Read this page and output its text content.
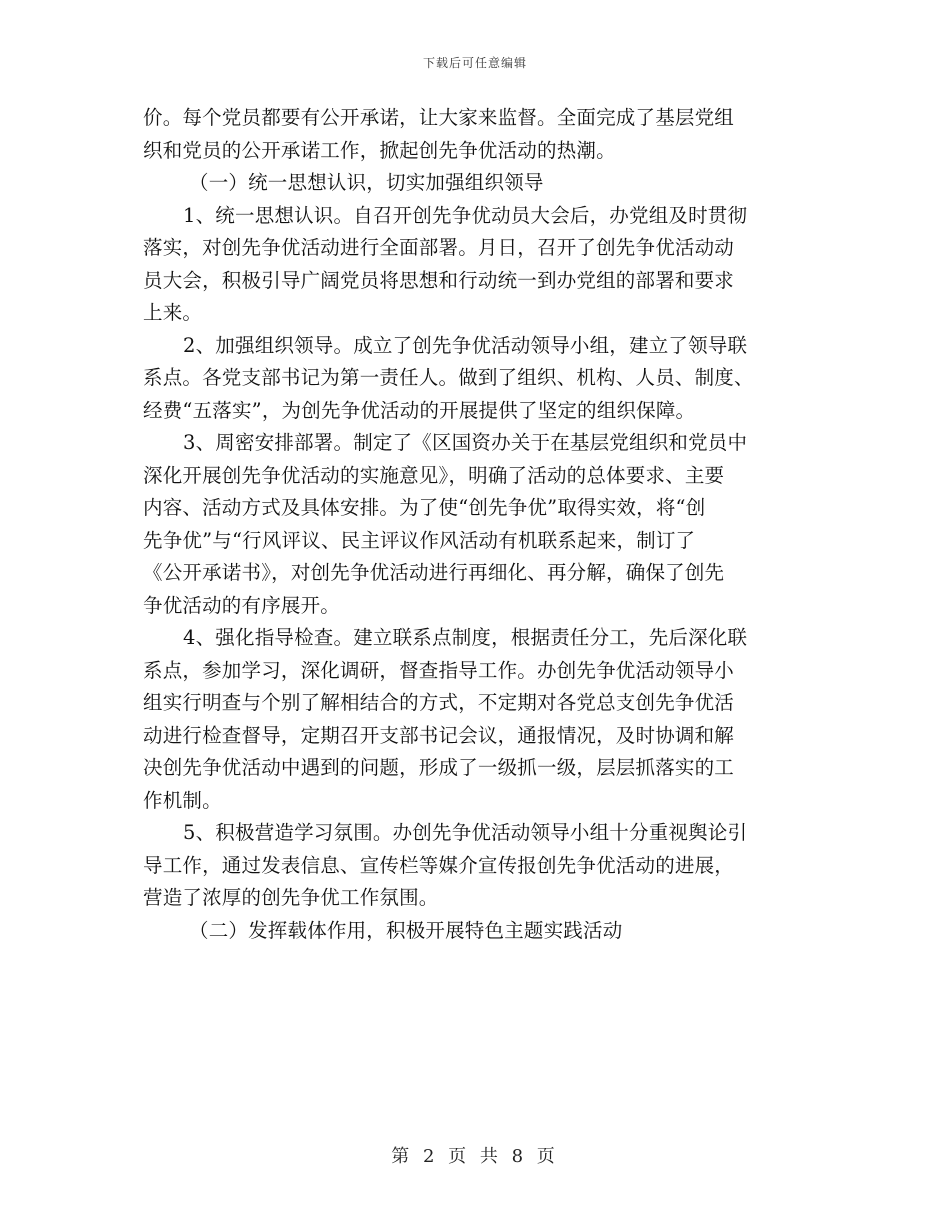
下载后可任意编辑
价。每个党员都要有公开承诺，让大家来监督。全面完成了基层党组
织和党员的公开承诺工作，掀起创先争优活动的热潮。
（一）统一思想认识，切实加强组织领导
1、统一思想认识。自召开创先争优动员大会后，办党组及时贯彻
落实，对创先争优活动进行全面部署。月日，召开了创先争优活动动
员大会，积极引导广阔党员将思想和行动统一到办党组的部署和要求
上来。
2、加强组织领导。成立了创先争优活动领导小组，建立了领导联
系点。各党支部书记为第一责任人。做到了组织、机构、人员、制度、
经费“五落实”，为创先争优活动的开展提供了坚定的组织保障。
3、周密安排部署。制定了《区国资办关于在基层党组织和党员中
深化开展创先争优活动的实施意见》，明确了活动的总体要求、主要
内容、活动方式及具体安排。为了使“创先争优”取得实效，将“创
先争优”与“行风评议、民主评议作风活动有机联系起来，制订了
《公开承诺书》，对创先争优活动进行再细化、再分解，确保了创先
争优活动的有序展开。
4、强化指导检查。建立联系点制度，根据责任分工，先后深化联
系点，参加学习，深化调研，督查指导工作。办创先争优活动领导小
组实行明查与个别了解相结合的方式，不定期对各党总支创先争优活
动进行检查督导，定期召开支部书记会议，通报情况，及时协调和解
决创先争优活动中遇到的问题，形成了一级抓一级，层层抓落实的工
作机制。
5、积极营造学习氛围。办创先争优活动领导小组十分重视舆论引
导工作，通过发表信息、宣传栏等媒介宣传报创先争优活动的进展，
营造了浓厚的创先争优工作氛围。
（二）发挥载体作用，积极开展特色主题实践活动
第 2 页 共 8 页
